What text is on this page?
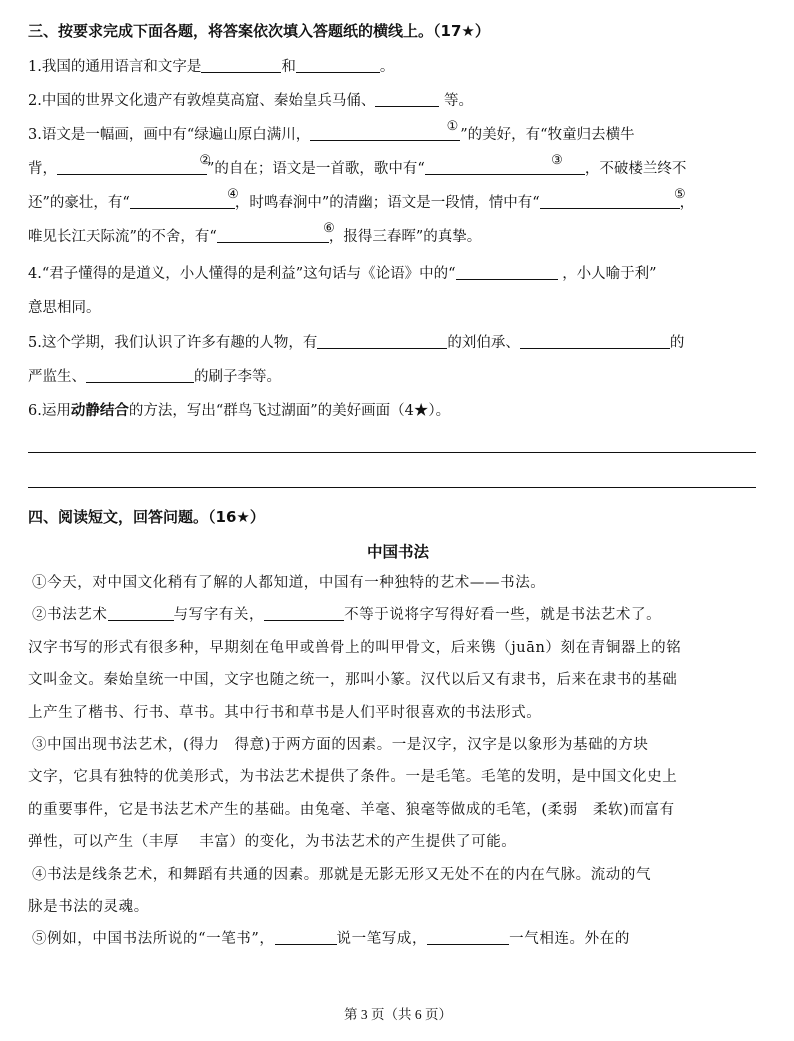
三、按要求完成下面各题，将答案依次填入答题纸的横线上。（17★）
1.我国的通用语言和文字是	和	。
2.中国的世界文化遗产有敦煌莫高窟、秦始皇兵马俑、	等。
3.语文是一幅画，画中有“绿遍山原白满川，
①
”的美好，有“牧童归去横牛
背，
②
”的自在；语文是一首歌，歌中有“
③
，不破楼兰终不
还”的豪壮，有“
④
，时鸣春涧中”的清幽；语文是一段情，情中有“
⑤
，
唯见长江天际流”的不舍，有“
⑥
，报得三春晖”的真挚。
4.“君子懂得的是道义，小人懂得的是利益”这句话与《论语》中的“	，小人喻于利”
意思相同。
5.这个学期，我们认识了许多有趣的人物，有	的刘伯承、	的
严监生、	的刷子李等。
6.运用动静结合的方法，写出“群鸟飞过湖面”的美好画面（4★）。
四、阅读短文，回答问题。（16★）
中国书法
①今天，对中国文化稍有了解的人都知道，中国有一种独特的艺术——书法。
②书法艺术	与写字有关，	不等于说将字写得好看一些，就是书法艺术了。
汉字书写的形式有很多种，早期刻在龟甲或兽骨上的叫甲骨文，后来镌（juān）刻在青铜器上的铭
文叫金文。秦始皇统一中国，文字也随之统一，那叫小篆。汉代以后又有隶书，后来在隶书的基础
上产生了楷书、行书、草书。其中行书和草书是人们平时很喜欢的书法形式。
③中国出现书法艺术，(得力　得意)于两方面的因素。一是汉字，汉字是以象形为基础的方块
文字，它具有独特的优美形式，为书法艺术提供了条件。一是毛笔。毛笔的发明，是中国文化史上
的重要事件，它是书法艺术产生的基础。由兔毫、羊毫、狼毫等做成的毛笔，(柔弱　柔软)而富有
弹性，可以产生（丰厚　 丰富）的变化，为书法艺术的产生提供了可能。
④书法是线条艺术，和舞蹈有共通的因素。那就是无影无形又无处不在的内在气脉。流动的气
脉是书法的灵魂。
⑤例如，中国书法所说的“一笔书”，	说一笔写成，	一气相连。外在的
第 3 页（共 6 页）
